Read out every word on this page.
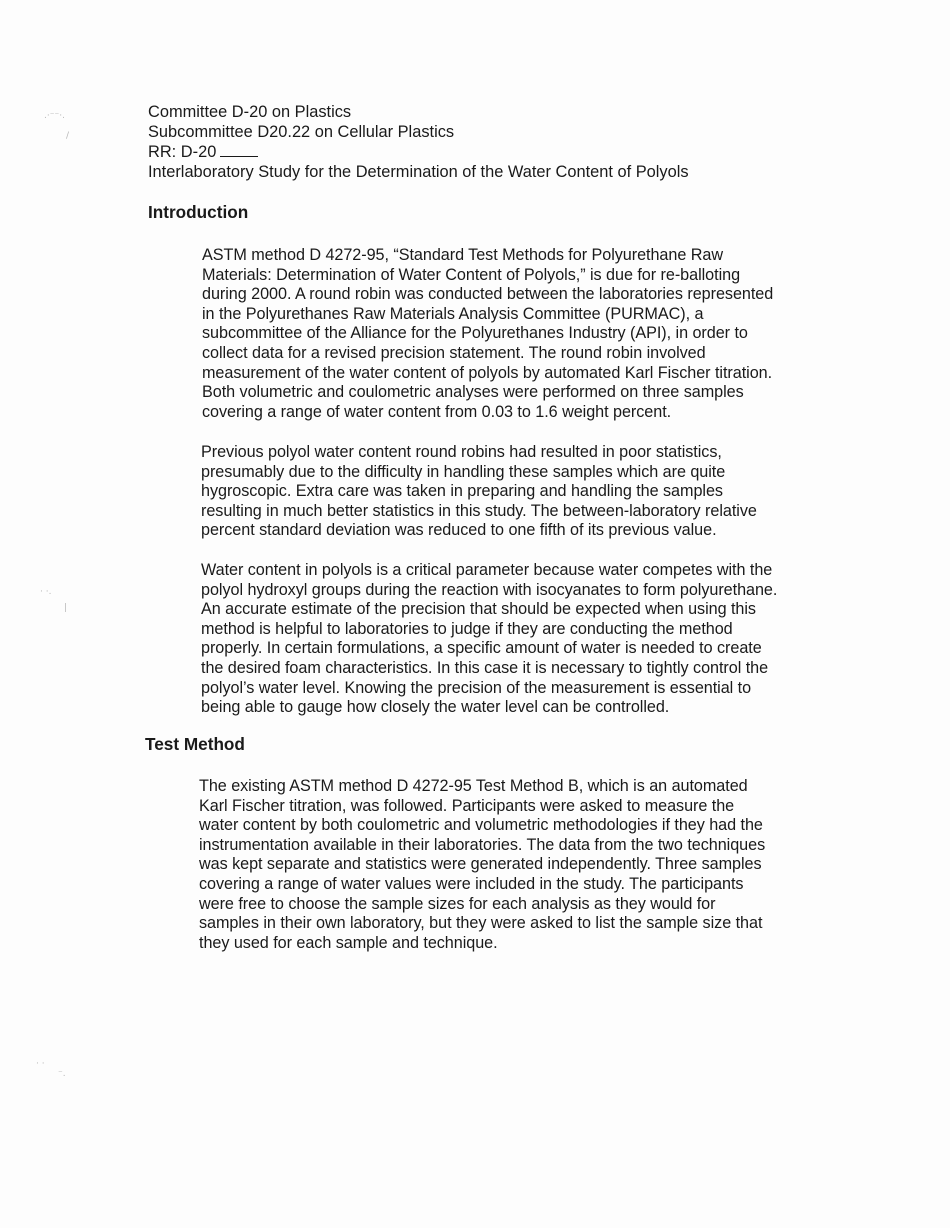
.·⁻⁻·.
/
· ·.
|
· ·
⁻.
Committee D-20 on Plastics
Subcommittee D20.22 on Cellular Plastics
RR: D-20
Interlaboratory Study for the Determination of the Water Content of Polyols
Introduction
ASTM method D 4272-95, “Standard Test Methods for Polyurethane Raw
Materials: Determination of Water Content of Polyols,” is due for re-balloting
during 2000. A round robin was conducted between the laboratories represented
in the Polyurethanes Raw Materials Analysis Committee (PURMAC), a
subcommittee of the Alliance for the Polyurethanes Industry (API), in order to
collect data for a revised precision statement. The round robin involved
measurement of the water content of polyols by automated Karl Fischer titration.
Both volumetric and coulometric analyses were performed on three samples
covering a range of water content from 0.03 to 1.6 weight percent.
Previous polyol water content round robins had resulted in poor statistics,
presumably due to the difficulty in handling these samples which are quite
hygroscopic. Extra care was taken in preparing and handling the samples
resulting in much better statistics in this study. The between-laboratory relative
percent standard deviation was reduced to one fifth of its previous value.
Water content in polyols is a critical parameter because water competes with the
polyol hydroxyl groups during the reaction with isocyanates to form polyurethane.
An accurate estimate of the precision that should be expected when using this
method is helpful to laboratories to judge if they are conducting the method
properly. In certain formulations, a specific amount of water is needed to create
the desired foam characteristics. In this case it is necessary to tightly control the
polyol’s water level. Knowing the precision of the measurement is essential to
being able to gauge how closely the water level can be controlled.
Test Method
The existing ASTM method D 4272-95 Test Method B, which is an automated
Karl Fischer titration, was followed. Participants were asked to measure the
water content by both coulometric and volumetric methodologies if they had the
instrumentation available in their laboratories. The data from the two techniques
was kept separate and statistics were generated independently. Three samples
covering a range of water values were included in the study. The participants
were free to choose the sample sizes for each analysis as they would for
samples in their own laboratory, but they were asked to list the sample size that
they used for each sample and technique.
